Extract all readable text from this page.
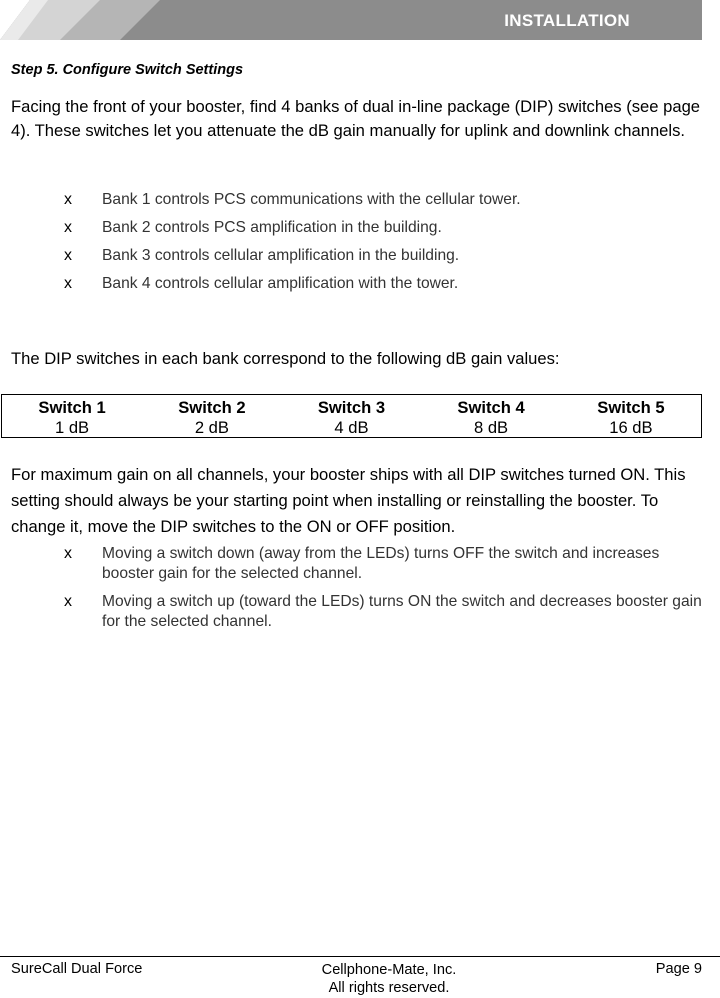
INSTALLATION
Step 5. Configure Switch Settings
Facing the front of your booster, find 4 banks of dual in-line package (DIP) switches (see page 4). These switches let you attenuate the dB gain manually for uplink and downlink channels.
x Bank 1 controls PCS communications with the cellular tower.
x Bank 2 controls PCS amplification in the building.
x Bank 3 controls cellular amplification in the building.
x Bank 4 controls cellular amplification with the tower.
The DIP switches in each bank correspond to the following dB gain values:
Switch 1	Switch 2	Switch 3	Switch 4	Switch 5
1 dB	2 dB	4 dB	8 dB	16 dB
For maximum gain on all channels, your booster ships with all DIP switches turned ON. This setting should always be your starting point when installing or reinstalling the booster. To change it, move the DIP switches to the ON or OFF position.
x Moving a switch down (away from the LEDs) turns OFF the switch and increases booster gain for the selected channel.
x Moving a switch up (toward the LEDs) turns ON the switch and decreases booster gain for the selected channel.
SureCall Dual Force	Cellphone-Mate, Inc.
All rights reserved.
Page 9
